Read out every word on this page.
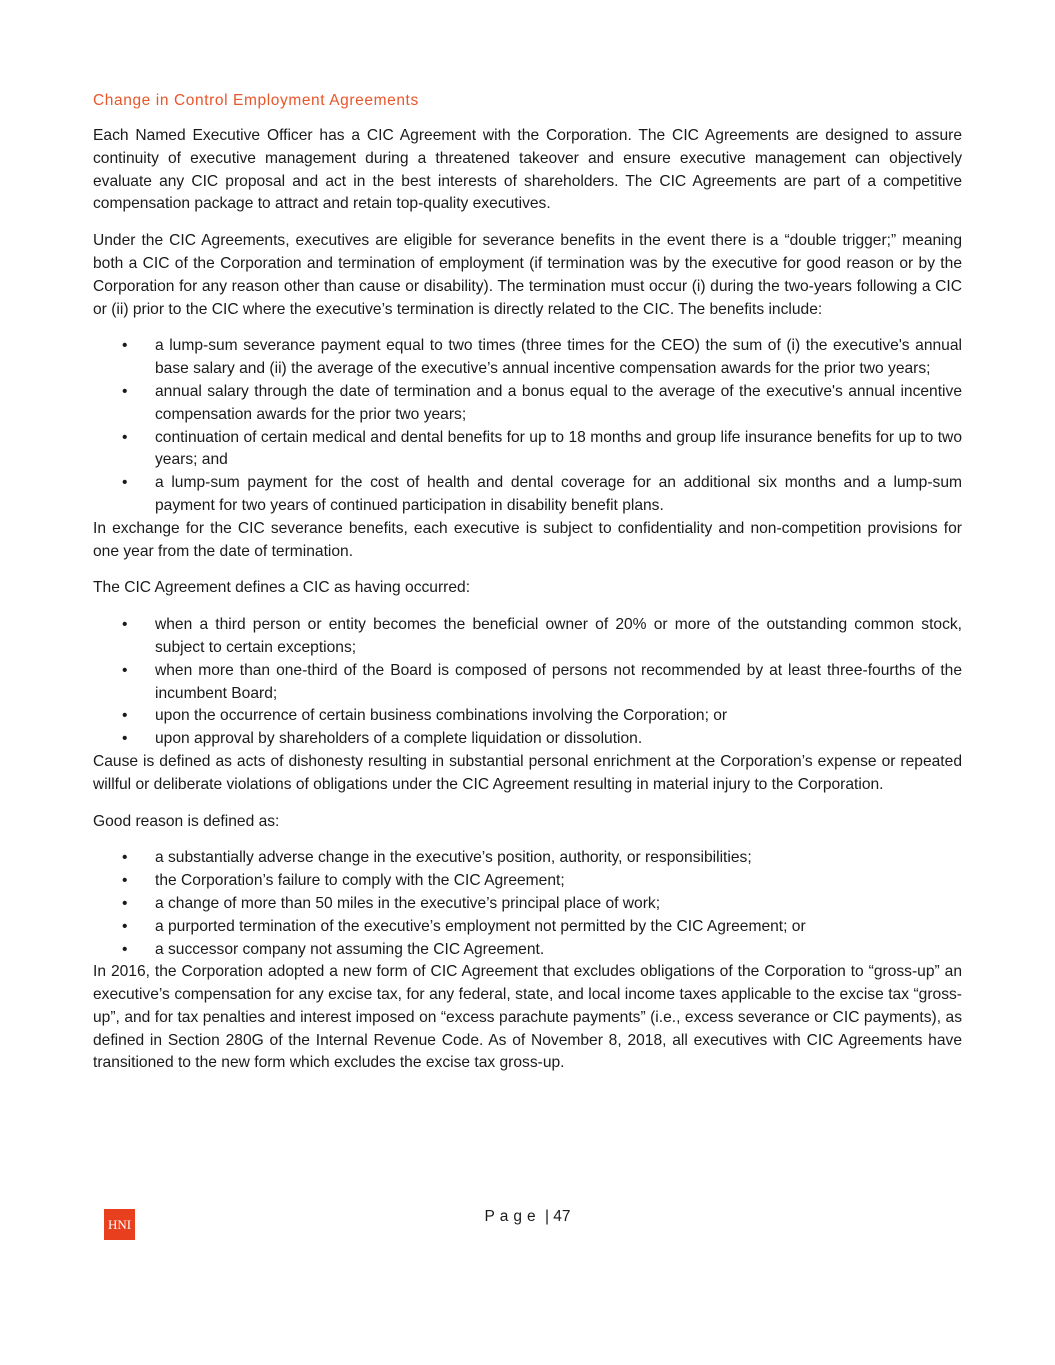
Change in Control Employment Agreements

Each Named Executive Officer has a CIC Agreement with the Corporation. The CIC Agreements are designed to assure continuity of executive management during a threatened takeover and ensure executive management can objectively evaluate any CIC proposal and act in the best interests of shareholders. The CIC Agreements are part of a competitive compensation package to attract and retain top-quality executives.

Under the CIC Agreements, executives are eligible for severance benefits in the event there is a “double trigger;” meaning both a CIC of the Corporation and termination of employment (if termination was by the executive for good reason or by the Corporation for any reason other than cause or disability). The termination must occur (i) during the two-years following a CIC or (ii) prior to the CIC where the executive’s termination is directly related to the CIC. The benefits include:

• a lump-sum severance payment equal to two times (three times for the CEO) the sum of (i) the executive's annual base salary and (ii) the average of the executive’s annual incentive compensation awards for the prior two years;
• annual salary through the date of termination and a bonus equal to the average of the executive's annual incentive compensation awards for the prior two years;
• continuation of certain medical and dental benefits for up to 18 months and group life insurance benefits for up to two years; and
• a lump-sum payment for the cost of health and dental coverage for an additional six months and a lump-sum payment for two years of continued participation in disability benefit plans.

In exchange for the CIC severance benefits, each executive is subject to confidentiality and non-competition provisions for one year from the date of termination.

The CIC Agreement defines a CIC as having occurred:

• when a third person or entity becomes the beneficial owner of 20% or more of the outstanding common stock, subject to certain exceptions;
• when more than one-third of the Board is composed of persons not recommended by at least three-fourths of the incumbent Board;
• upon the occurrence of certain business combinations involving the Corporation; or
• upon approval by shareholders of a complete liquidation or dissolution.

Cause is defined as acts of dishonesty resulting in substantial personal enrichment at the Corporation’s expense or repeated willful or deliberate violations of obligations under the CIC Agreement resulting in material injury to the Corporation.

Good reason is defined as:

• a substantially adverse change in the executive’s position, authority, or responsibilities;
• the Corporation’s failure to comply with the CIC Agreement;
• a change of more than 50 miles in the executive’s principal place of work;
• a purported termination of the executive’s employment not permitted by the CIC Agreement; or
• a successor company not assuming the CIC Agreement.

In 2016, the Corporation adopted a new form of CIC Agreement that excludes obligations of the Corporation to “gross-up” an executive’s compensation for any excise tax, for any federal, state, and local income taxes applicable to the excise tax “gross-up”, and for tax penalties and interest imposed on “excess parachute payments” (i.e., excess severance or CIC payments), as defined in Section 280G of the Internal Revenue Code. As of November 8, 2018, all executives with CIC Agreements have transitioned to the new form which excludes the excise tax gross-up.

HNI	Page | 47
